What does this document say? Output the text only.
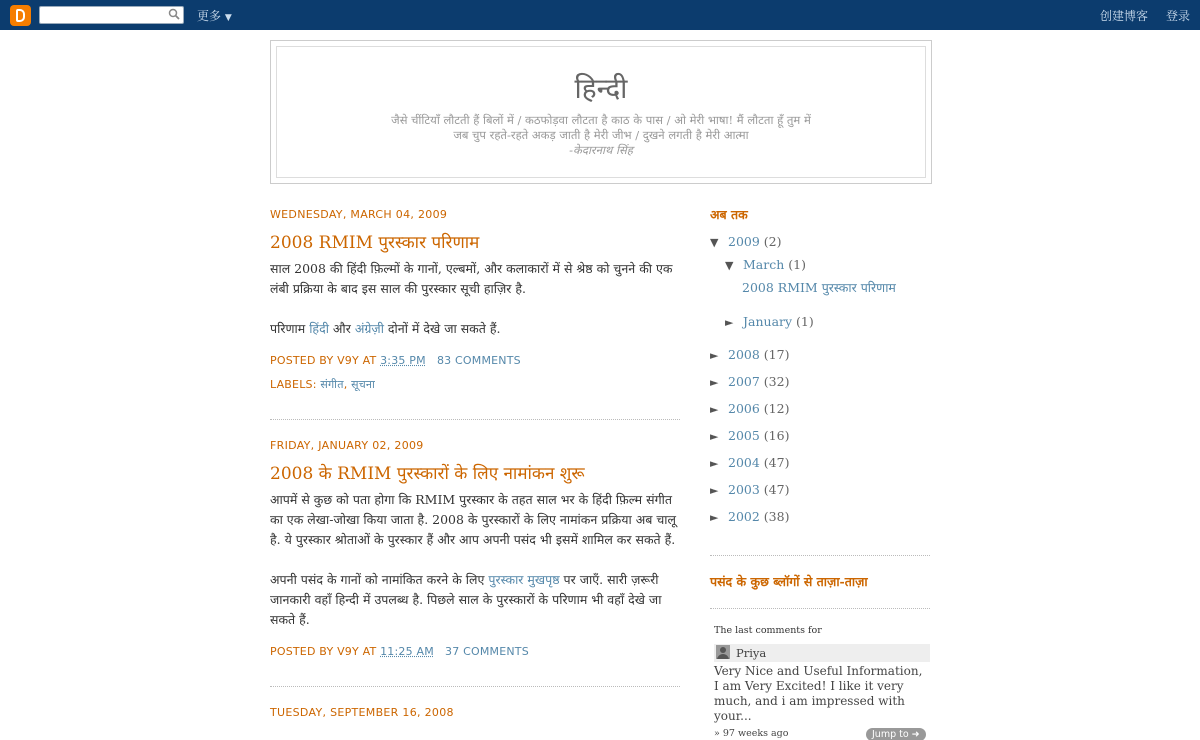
更多 ▼	创建博客 登录
हिन्दी
जैसे चींटियाँ लौटती हैं बिलों में / कठफोड़वा लौटता है काठ के पास / ओ मेरी भाषा! मैं लौटता हूँ तुम में
जब चुप रहते-रहते अकड़ जाती है मेरी जीभ / दुखने लगती है मेरी आत्मा
-केदारनाथ सिंह
WEDNESDAY, MARCH 04, 2009
2008 RMIM पुरस्कार परिणाम

साल 2008 की हिंदी फ़िल्मों के गानों, एल्बमों, और कलाकारों में से श्रेष्ठ को चुनने की एक लंबी प्रक्रिया के बाद इस साल की पुरस्कार सूची हाज़िर है.

परिणाम हिंदी और अंग्रेज़ी दोनों में देखे जा सकते हैं.

POSTED BY V9Y AT 3:35 PM 83 COMMENTS
LABELS: संगीत, सूचना
FRIDAY, JANUARY 02, 2009
2008 के RMIM पुरस्कारों के लिए नामांकन शुरू

आपमें से कुछ को पता होगा कि RMIM पुरस्कार के तहत साल भर के हिंदी फ़िल्म संगीत का एक लेखा-जोखा किया जाता है. 2008 के पुरस्कारों के लिए नामांकन प्रक्रिया अब चालू है. ये पुरस्कार श्रोताओं के पुरस्कार हैं और आप अपनी पसंद भी इसमें शामिल कर सकते हैं.

अपनी पसंद के गानों को नामांकित करने के लिए पुरस्कार मुखपृष्ठ पर जाएँ. सारी ज़रूरी जानकारी वहाँ हिन्दी में उपलब्ध है. पिछले साल के पुरस्कारों के परिणाम भी वहाँ देखे जा सकते हैं.

POSTED BY V9Y AT 11:25 AM 37 COMMENTS
TUESDAY, SEPTEMBER 16, 2008
अब तक
▼ 2009 (2)
▼ March (1)
2008 RMIM पुरस्कार परिणाम
► January (1)
► 2008 (17)
► 2007 (32)
► 2006 (12)
► 2005 (16)
► 2004 (47)
► 2003 (47)
► 2002 (38)
पसंद के कुछ ब्लॉगों से ताज़ा-ताज़ा
The last comments for
Priya
Very Nice and Useful Information, I am Very Excited! I like it very much, and i am impressed with your...
» 97 weeks ago	Jump to ➜
